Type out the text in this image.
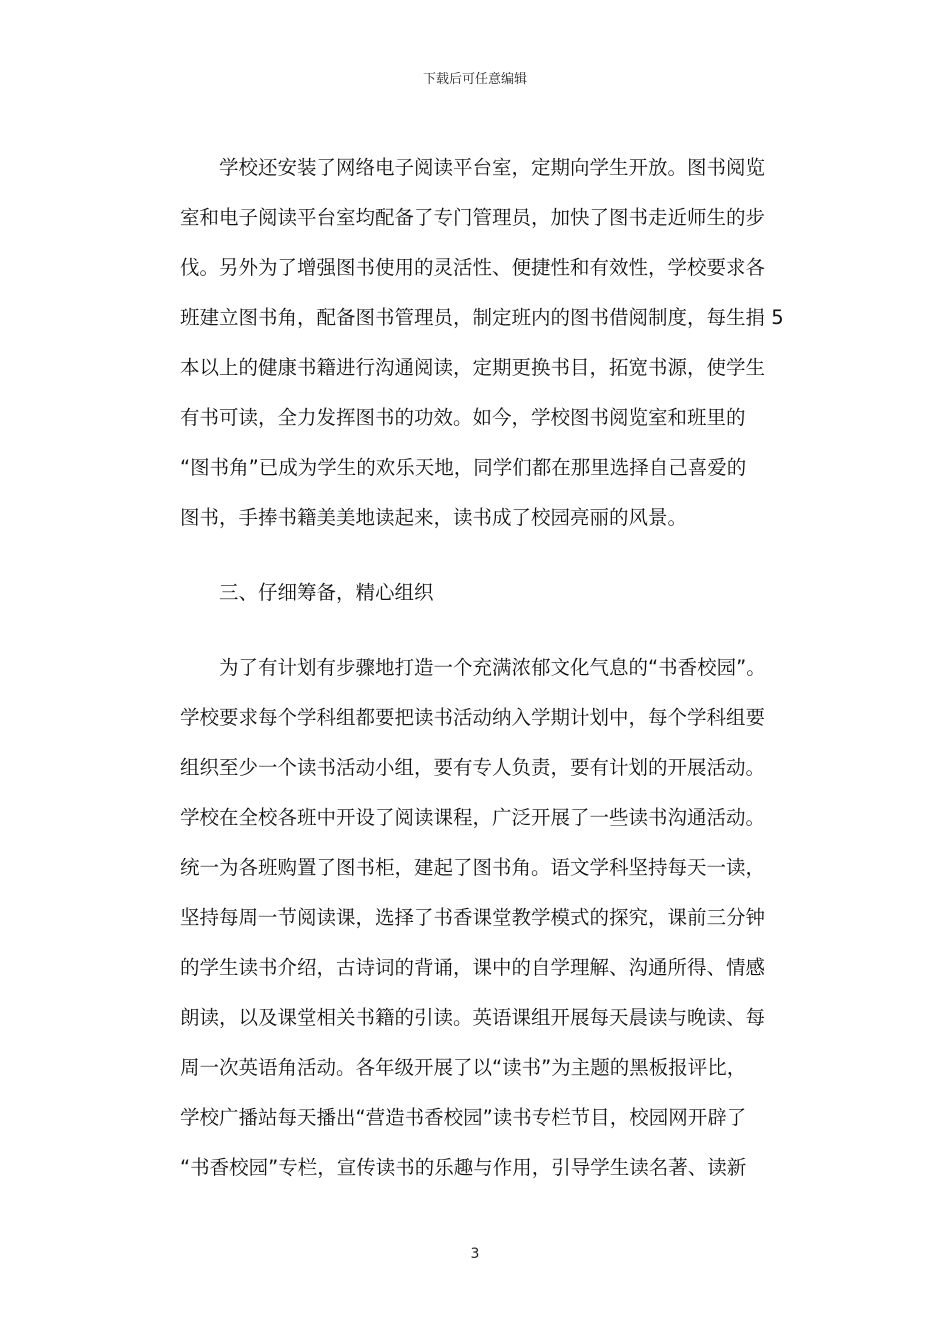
下载后可任意编辑
学校还安装了网络电子阅读平台室，定期向学生开放。图书阅览
室和电子阅读平台室均配备了专门管理员，加快了图书走近师生的步
伐。另外为了增强图书使用的灵活性、便捷性和有效性，学校要求各
班建立图书角，配备图书管理员，制定班内的图书借阅制度，每生捐 5
本以上的健康书籍进行沟通阅读，定期更换书目，拓宽书源，使学生
有书可读，全力发挥图书的功效。如今，学校图书阅览室和班里的
“图书角”已成为学生的欢乐天地，同学们都在那里选择自己喜爱的
图书，手捧书籍美美地读起来，读书成了校园亮丽的风景。
三、仔细筹备，精心组织
为了有计划有步骤地打造一个充满浓郁文化气息的“书香校园”。
学校要求每个学科组都要把读书活动纳入学期计划中，每个学科组要
组织至少一个读书活动小组，要有专人负责，要有计划的开展活动。
学校在全校各班中开设了阅读课程，广泛开展了一些读书沟通活动。
统一为各班购置了图书柜，建起了图书角。语文学科坚持每天一读，
坚持每周一节阅读课，选择了书香课堂教学模式的探究，课前三分钟
的学生读书介绍，古诗词的背诵，课中的自学理解、沟通所得、情感
朗读，以及课堂相关书籍的引读。英语课组开展每天晨读与晚读、每
周一次英语角活动。各年级开展了以“读书”为主题的黑板报评比，
学校广播站每天播出“营造书香校园”读书专栏节目，校园网开辟了
“书香校园”专栏，宣传读书的乐趣与作用，引导学生读名著、读新
3
